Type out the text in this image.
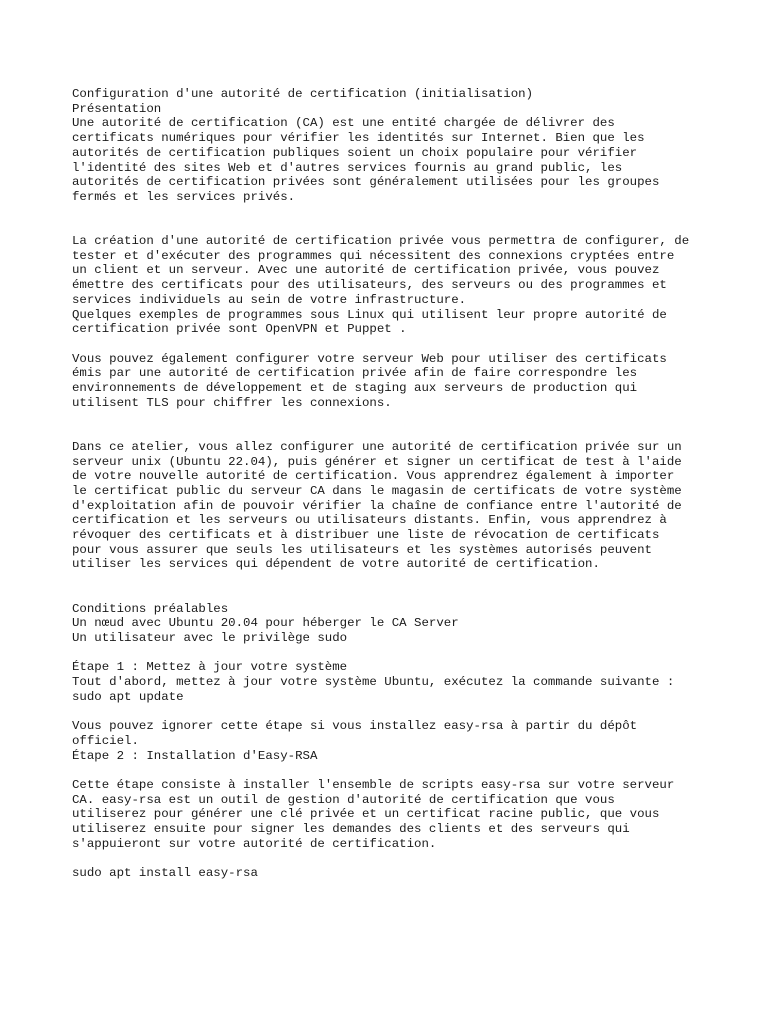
Configuration d'une autorité de certification (initialisation)
Présentation
Une autorité de certification (CA) est une entité chargée de délivrer des
certificats numériques pour vérifier les identités sur Internet. Bien que les
autorités de certification publiques soient un choix populaire pour vérifier
l'identité des sites Web et d'autres services fournis au grand public, les
autorités de certification privées sont généralement utilisées pour les groupes
fermés et les services privés.
La création d'une autorité de certification privée vous permettra de configurer, de
tester et d'exécuter des programmes qui nécessitent des connexions cryptées entre
un client et un serveur. Avec une autorité de certification privée, vous pouvez
émettre des certificats pour des utilisateurs, des serveurs ou des programmes et
services individuels au sein de votre infrastructure.
Quelques exemples de programmes sous Linux qui utilisent leur propre autorité de
certification privée sont OpenVPN et Puppet .
Vous pouvez également configurer votre serveur Web pour utiliser des certificats
émis par une autorité de certification privée afin de faire correspondre les
environnements de développement et de staging aux serveurs de production qui
utilisent TLS pour chiffrer les connexions.
Dans ce atelier, vous allez configurer une autorité de certification privée sur un
serveur unix (Ubuntu 22.04), puis générer et signer un certificat de test à l'aide
de votre nouvelle autorité de certification. Vous apprendrez également à importer
le certificat public du serveur CA dans le magasin de certificats de votre système
d'exploitation afin de pouvoir vérifier la chaîne de confiance entre l'autorité de
certification et les serveurs ou utilisateurs distants. Enfin, vous apprendrez à
révoquer des certificats et à distribuer une liste de révocation de certificats
pour vous assurer que seuls les utilisateurs et les systèmes autorisés peuvent
utiliser les services qui dépendent de votre autorité de certification.
Conditions préalables
Un nœud avec Ubuntu 20.04 pour héberger le CA Server
Un utilisateur avec le privilège sudo
Étape 1 : Mettez à jour votre système
Tout d'abord, mettez à jour votre système Ubuntu, exécutez la commande suivante :
sudo apt update
Vous pouvez ignorer cette étape si vous installez easy-rsa à partir du dépôt
officiel.
Étape 2 : Installation d'Easy-RSA
Cette étape consiste à installer l'ensemble de scripts easy-rsa sur votre serveur
CA. easy-rsa est un outil de gestion d'autorité de certification que vous
utiliserez pour générer une clé privée et un certificat racine public, que vous
utiliserez ensuite pour signer les demandes des clients et des serveurs qui
s'appuieront sur votre autorité de certification.
sudo apt install easy-rsa
